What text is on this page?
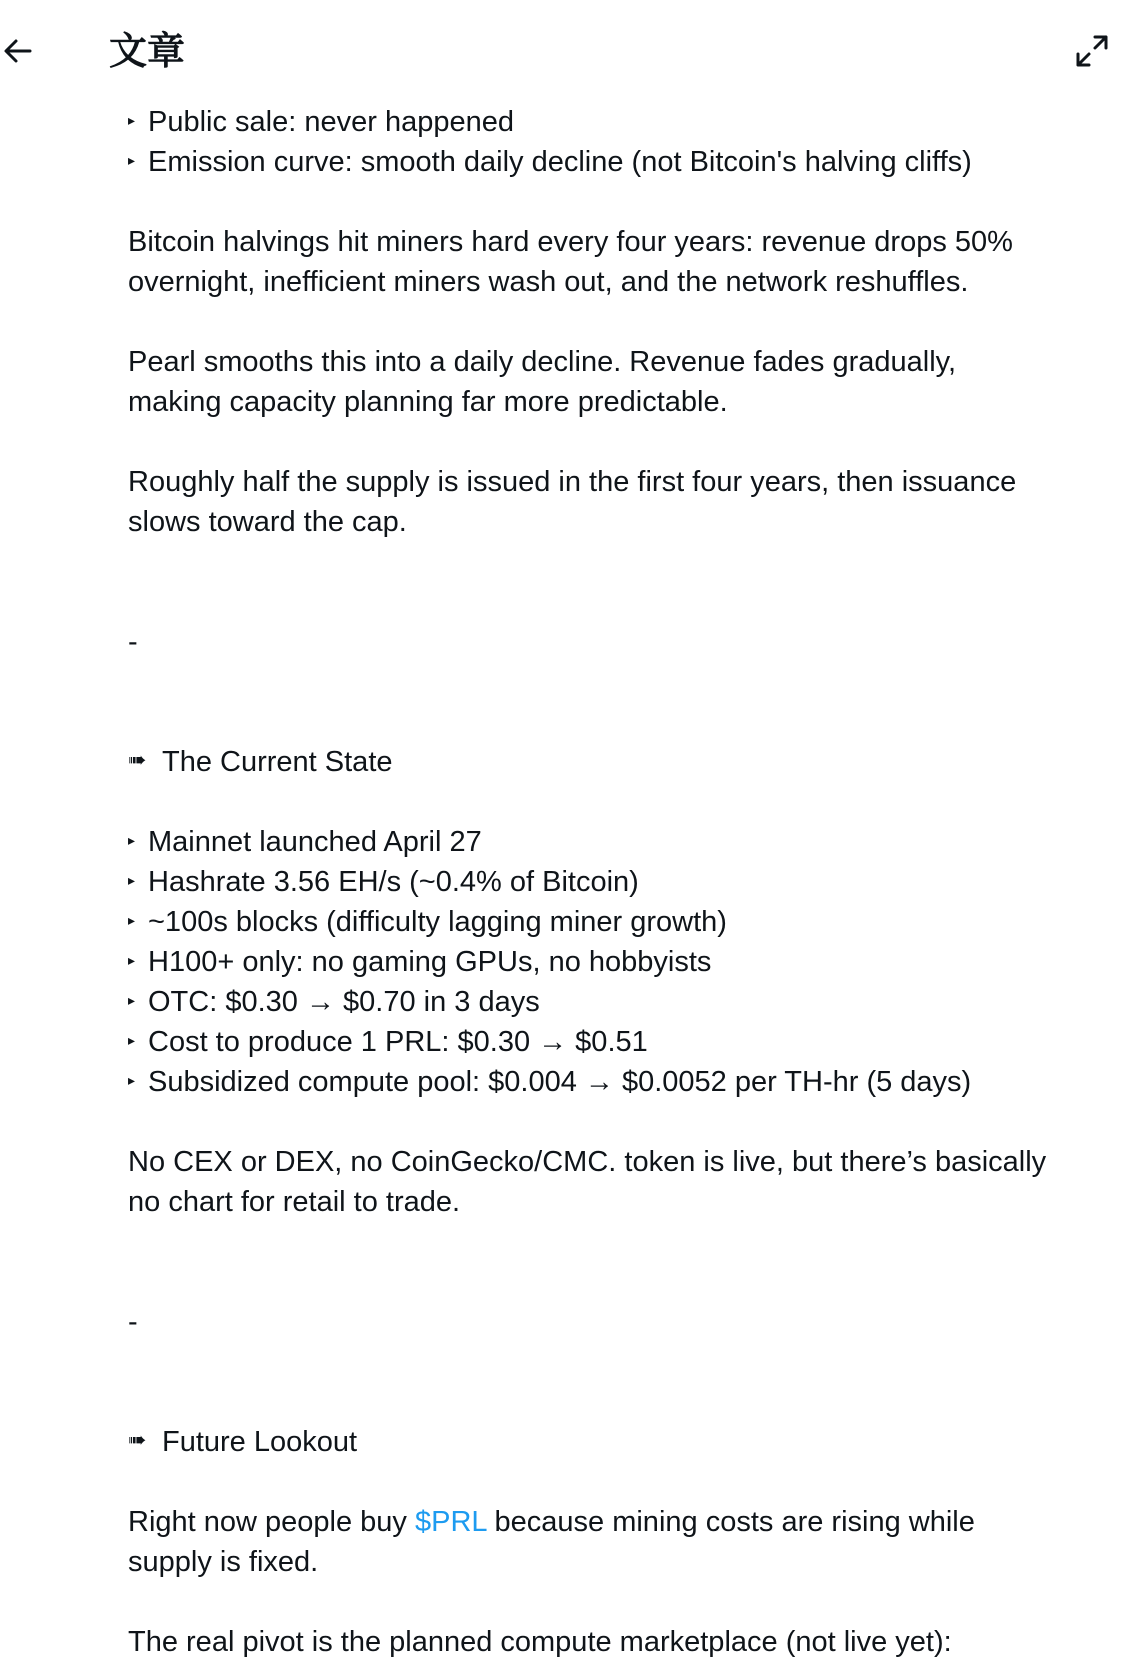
文章
▸ Public sale: never happened
▸ Emission curve: smooth daily decline (not Bitcoin's halving cliffs)
Bitcoin halvings hit miners hard every four years: revenue drops 50%
overnight, inefficient miners wash out, and the network reshuffles.
Pearl smooths this into a daily decline. Revenue fades gradually,
making capacity planning far more predictable.
Roughly half the supply is issued in the first four years, then issuance
slows toward the cap.
-
➠ The Current State
▸ Mainnet launched April 27
▸ Hashrate 3.56 EH/s (~0.4% of Bitcoin)
▸ ~100s blocks (difficulty lagging miner growth)
▸ H100+ only: no gaming GPUs, no hobbyists
▸ OTC: $0.30 → $0.70 in 3 days
▸ Cost to produce 1 PRL: $0.30 → $0.51
▸ Subsidized compute pool: $0.004 → $0.0052 per TH-hr (5 days)
No CEX or DEX, no CoinGecko/CMC. token is live, but there’s basically
no chart for retail to trade.
-
➠ Future Lookout
Right now people buy $PRL because mining costs are rising while
supply is fixed.
The real pivot is the planned compute marketplace (not live yet):
